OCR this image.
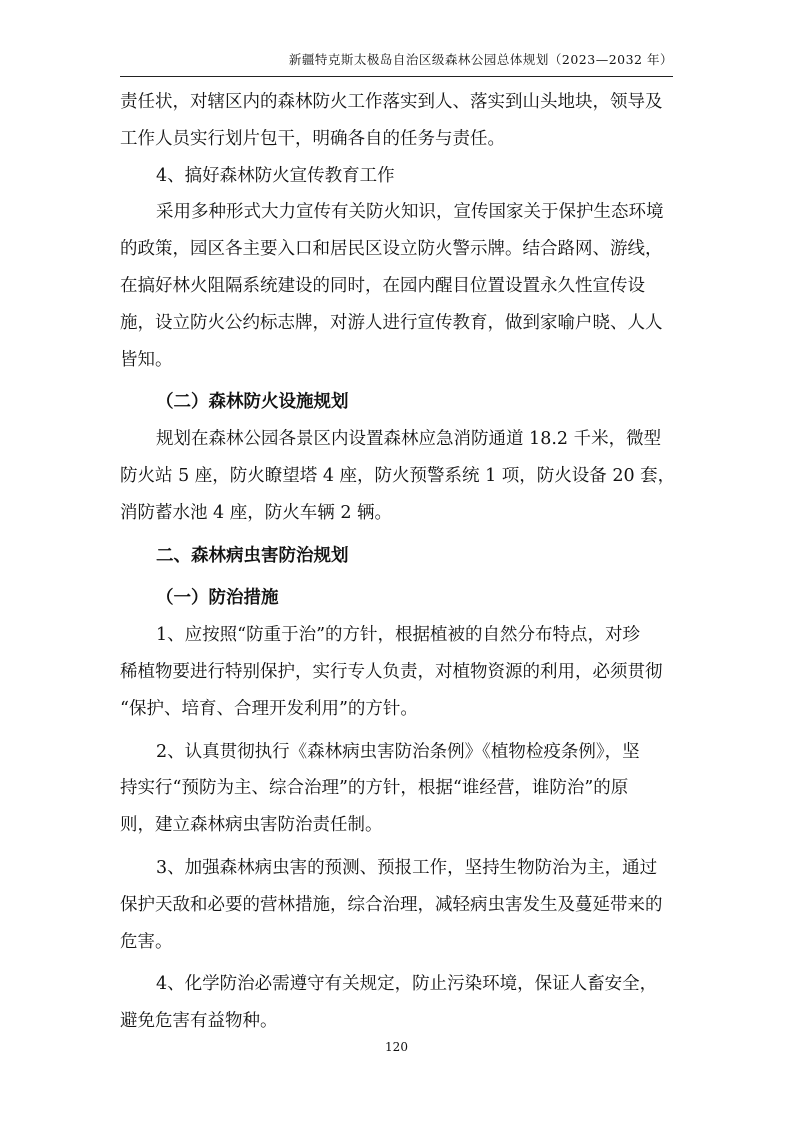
新疆特克斯太极岛自治区级森林公园总体规划（2023—2032 年）
责任状，对辖区内的森林防火工作落实到人、落实到山头地块，领导及
工作人员实行划片包干，明确各自的任务与责任。
4、搞好森林防火宣传教育工作
采用多种形式大力宣传有关防火知识，宣传国家关于保护生态环境
的政策，园区各主要入口和居民区设立防火警示牌。结合路网、游线，
在搞好林火阻隔系统建设的同时，在园内醒目位置设置永久性宣传设
施，设立防火公约标志牌，对游人进行宣传教育，做到家喻户晓、人人
皆知。
（二）森林防火设施规划
规划在森林公园各景区内设置森林应急消防通道 18.2 千米，微型
防火站 5 座，防火瞭望塔 4 座，防火预警系统 1 项，防火设备 20 套，
消防蓄水池 4 座，防火车辆 2 辆。
二、森林病虫害防治规划
（一）防治措施
1、应按照“防重于治”的方针，根据植被的自然分布特点，对珍
稀植物要进行特别保护，实行专人负责，对植物资源的利用，必须贯彻
“保护、培育、合理开发利用”的方针。
2、认真贯彻执行《森林病虫害防治条例》《植物检疫条例》，坚
持实行“预防为主、综合治理”的方针，根据“谁经营，谁防治”的原
则，建立森林病虫害防治责任制。
3、加强森林病虫害的预测、预报工作，坚持生物防治为主，通过
保护天敌和必要的营林措施，综合治理，减轻病虫害发生及蔓延带来的
危害。
4、化学防治必需遵守有关规定，防止污染环境，保证人畜安全，
避免危害有益物种。
120
